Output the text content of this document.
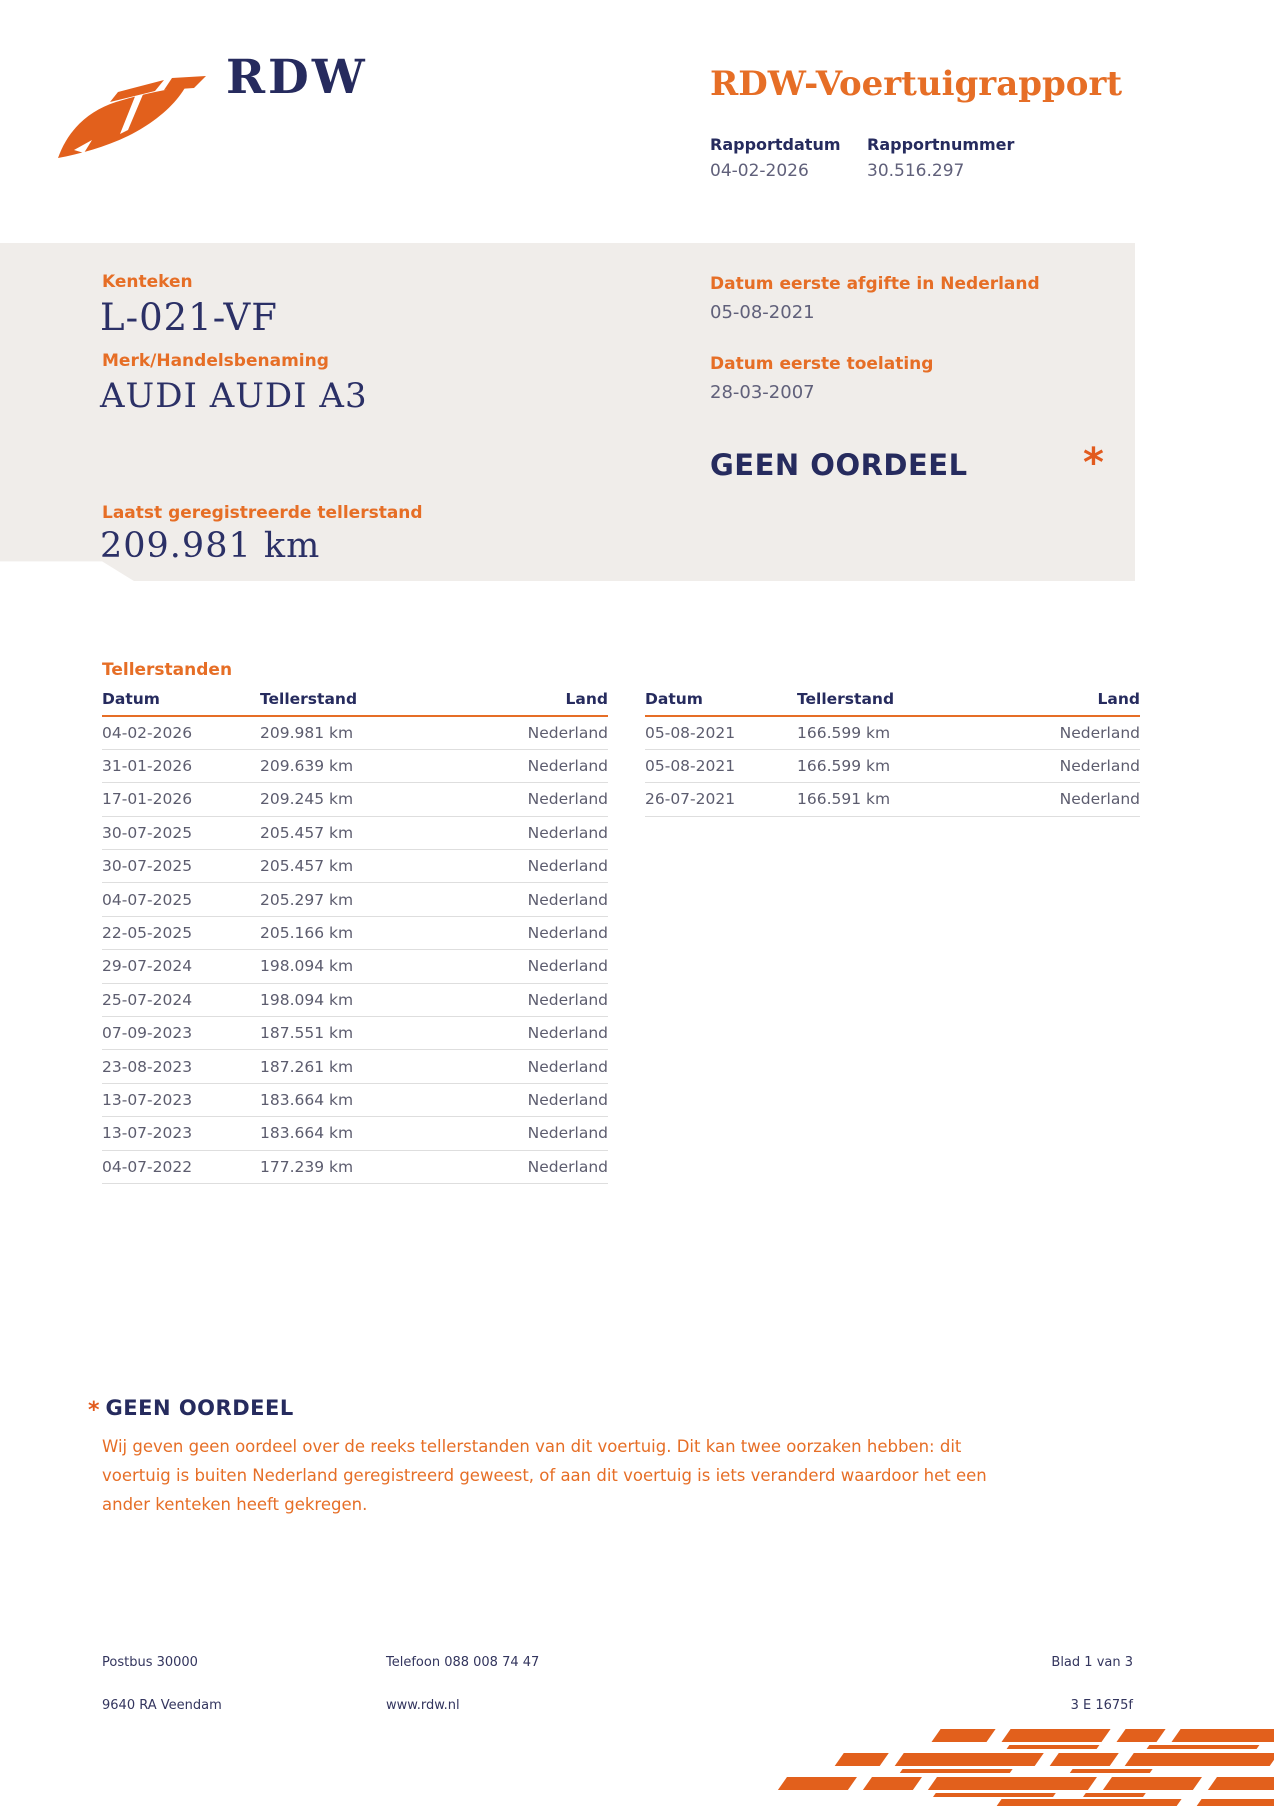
RDW	RDW-Voertuigrapport
Rapportdatum Rapportnummer
04-02-2026	30.516.297
Kenteken
L-021-VF
Merk/Handelsbenaming
AUDI AUDI A3
Laatst geregistreerde tellerstand
209.981 km
Datum eerste afgifte in Nederland
05-08-2021
Datum eerste toelating
28-03-2007
GEEN OORDEEL	*
Tellerstanden
Datum	Tellerstand	Land
04-02-2026	209.981 km	Nederland
31-01-2026	209.639 km	Nederland
17-01-2026	209.245 km	Nederland
30-07-2025	205.457 km	Nederland
30-07-2025	205.457 km	Nederland
04-07-2025	205.297 km	Nederland
22-05-2025	205.166 km	Nederland
29-07-2024	198.094 km	Nederland
25-07-2024	198.094 km	Nederland
07-09-2023	187.551 km	Nederland
23-08-2023	187.261 km	Nederland
13-07-2023	183.664 km	Nederland
13-07-2023	183.664 km	Nederland
04-07-2022	177.239 km	Nederland
Datum	Tellerstand	Land
05-08-2021	166.599 km	Nederland
05-08-2021	166.599 km	Nederland
26-07-2021	166.591 km	Nederland
* GEEN OORDEEL

Wij geven geen oordeel over de reeks tellerstanden van dit voertuig. Dit kan twee oorzaken hebben: dit voertuig is buiten Nederland geregistreerd geweest, of aan dit voertuig is iets veranderd waardoor het een ander kenteken heeft gekregen.

Postbus 30000	Telefoon 088 008 74 47	Blad 1 van 3
9640 RA Veendam	www.rdw.nl	3 E 1675f
